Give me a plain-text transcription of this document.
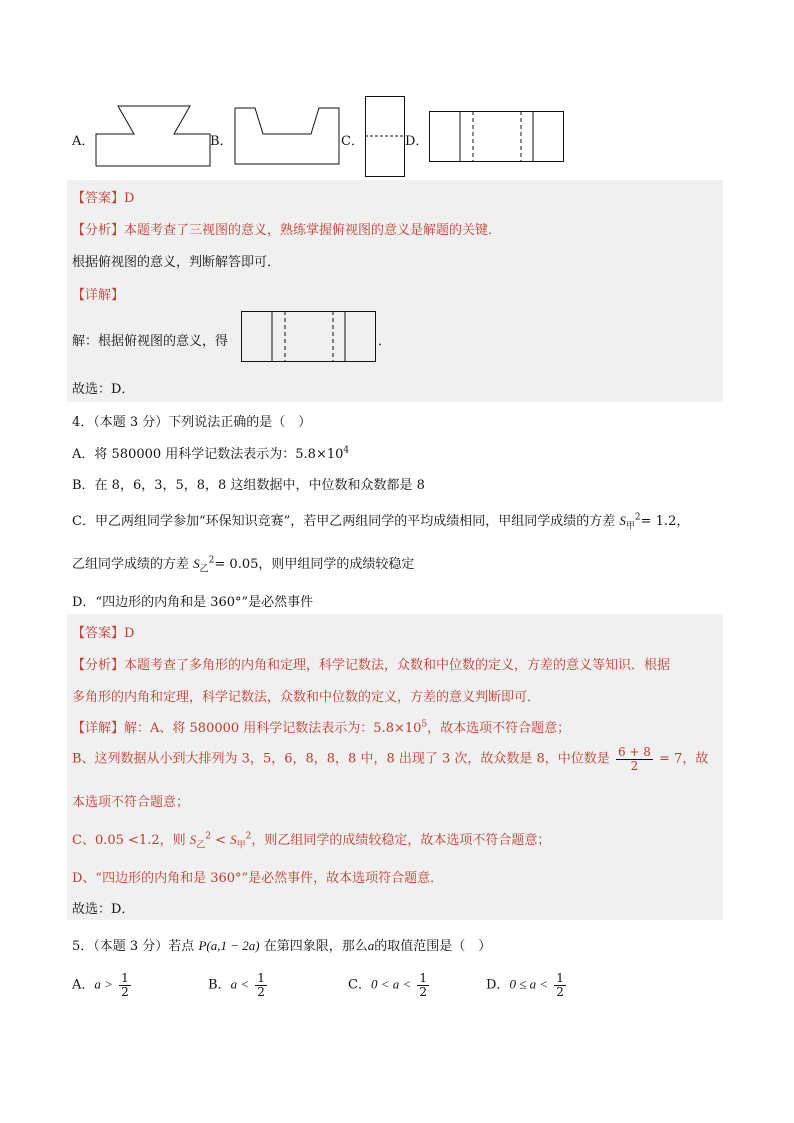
A．	B．	C．	D．
【答案】D
【分析】本题考查了三视图的意义，熟练掌握俯视图的意义是解题的关键．
根据俯视图的意义，判断解答即可．
【详解】
解：根据俯视图的意义，得	．
故选：D．
4．（本题 3 分）下列说法正确的是（　）
A．将 580000 用科学记数法表示为：$5.8\times 10^4$
B．在 8，6，3，5，8，8 这组数据中，中位数和众数都是 8
C．甲乙两组同学参加“环保知识竞赛”，若甲乙两组同学的平均成绩相同，甲组同学成绩的方差 $S_甲^2= 1.2$，
乙组同学成绩的方差 $S_乙^2= 0.05$，则甲组同学的成绩较稳定
D．“四边形的内角和是 360°”是必然事件
【答案】D
【分析】本题考查了多角形的内角和定理，科学记数法，众数和中位数的定义，方差的意义等知识．根据
多角形的内角和定理，科学记数法，众数和中位数的定义，方差的意义判断即可．
【详解】解：A、将 580000 用科学记数法表示为：$5.8\times 10^5$，故本选项不符合题意；
B、这列数据从小到大排列为 3，5，6，8，8，8 中，8 出现了 3 次，故众数是 8，中位数是 $\frac{6 + 8}{2} = 7$，故
本选项不符合题意；
C、0.05 <1.2，则 $S_乙^2 < S_甲^2$，则乙组同学的成绩较稳定，故本选项不符合题意；
D、“四边形的内角和是 360°”是必然事件，故本选项符合题意．
故选：D．
5．（本题 3 分）若点 P(a,1 − 2a) 在第四象限，那么a的取值范围是（　）
A．$a > \frac{1}{2}$	B．$a < \frac{1}{2}$	C．$0 < a < \frac{1}{2}$	D．$0 \le a < \frac{1}{2}$
